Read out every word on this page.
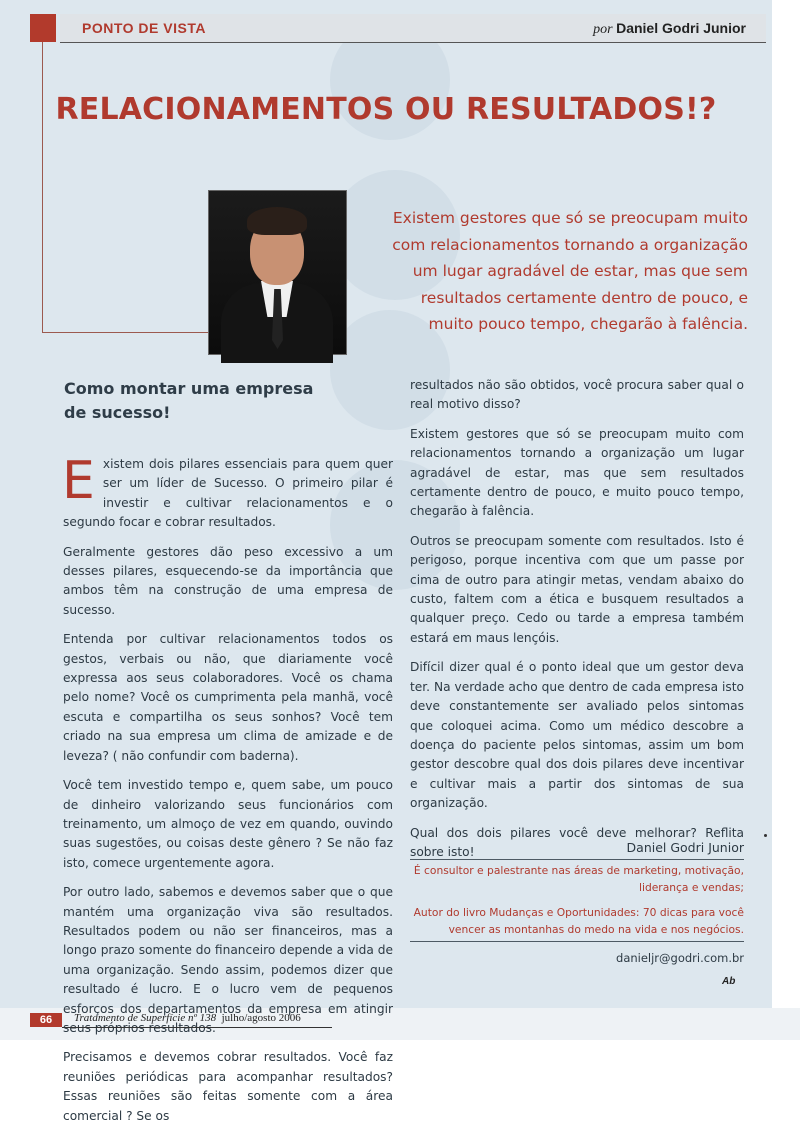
PONTO DE VISTA	por Daniel Godri Junior
RELACIONAMENTOS OU RESULTADOS!?

Existem gestores que só se preocupam muito com relacionamentos tornando a organização um lugar agradável de estar, mas que sem resultados certamente dentro de pouco, e muito pouco tempo, chegarão à falência.

Como montar uma empresa de sucesso!

Existem dois pilares essenciais para quem quer ser um líder de Sucesso. O primeiro pilar é investir e cultivar relacionamentos e o segundo focar e cobrar resultados.

Geralmente gestores dão peso excessivo a um desses pilares, esquecendo-se da importância que ambos têm na construção de uma empresa de sucesso.

Entenda por cultivar relacionamentos todos os gestos, verbais ou não, que diariamente você expressa aos seus colaboradores. Você os chama pelo nome? Você os cumprimenta pela manhã, você escuta e compartilha os seus sonhos? Você tem criado na sua empresa um clima de amizade e de leveza? ( não confundir com baderna).

Você tem investido tempo e, quem sabe, um pouco de dinheiro valorizando seus funcionários com treinamento, um almoço de vez em quando, ouvindo suas sugestões, ou coisas deste gênero ? Se não faz isto, comece urgentemente agora.

Por outro lado, sabemos e devemos saber que o que mantém uma organização viva são resultados. Resultados podem ou não ser financeiros, mas a longo prazo somente do financeiro depende a vida de uma organização. Sendo assim, podemos dizer que resultado é lucro. E o lucro vem de pequenos esforços dos departamentos da empresa em atingir

Precisamos e devemos cobrar resultados. Você faz reuniões periódicas para acompanhar resultados? Essas reuniões são feitas somente com a área comercial ? Se os

resultados não são obtidos, você procura saber qual o real motivo disso?

Existem gestores que só se preocupam muito com relacionamentos tornando a organização um lugar agradável de estar, mas que sem resultados certamente dentro de pouco, e muito pouco tempo, chegarão à falência.

Outros se preocupam somente com resultados. Isto é perigoso, porque incentiva com que um passe por cima de outro para atingir metas, vendam abaixo do custo, faltem com a ética e busquem resultados a qualquer preço. Cedo ou tarde a empresa também estará em maus lençóis.

Difícil dizer qual é o ponto ideal que um gestor deva ter. Na verdade acho que dentro de cada empresa isto deve constantemente ser avaliado pelos sintomas que coloquei acima. Como um médico descobre a doença do paciente pelos sintomas, assim um bom gestor descobre qual dos dois pilares deve incentivar e cultivar mais a partir dos sintomas de sua organização.

Qual dos dois pilares você deve melhorar? Reflita sobre isto!	Daniel Godri Junior
É consultor e palestrante nas áreas de marketing, motivação, liderança e vendas;
Autor do livro Mudanças e Oportunidades: 70 dicas para você vencer as montanhas do medo na vida e nos negócios.
danieljr@godri.com.br
Ab
66	Tratamento de Superfície nº 138 julho/agosto 2006
